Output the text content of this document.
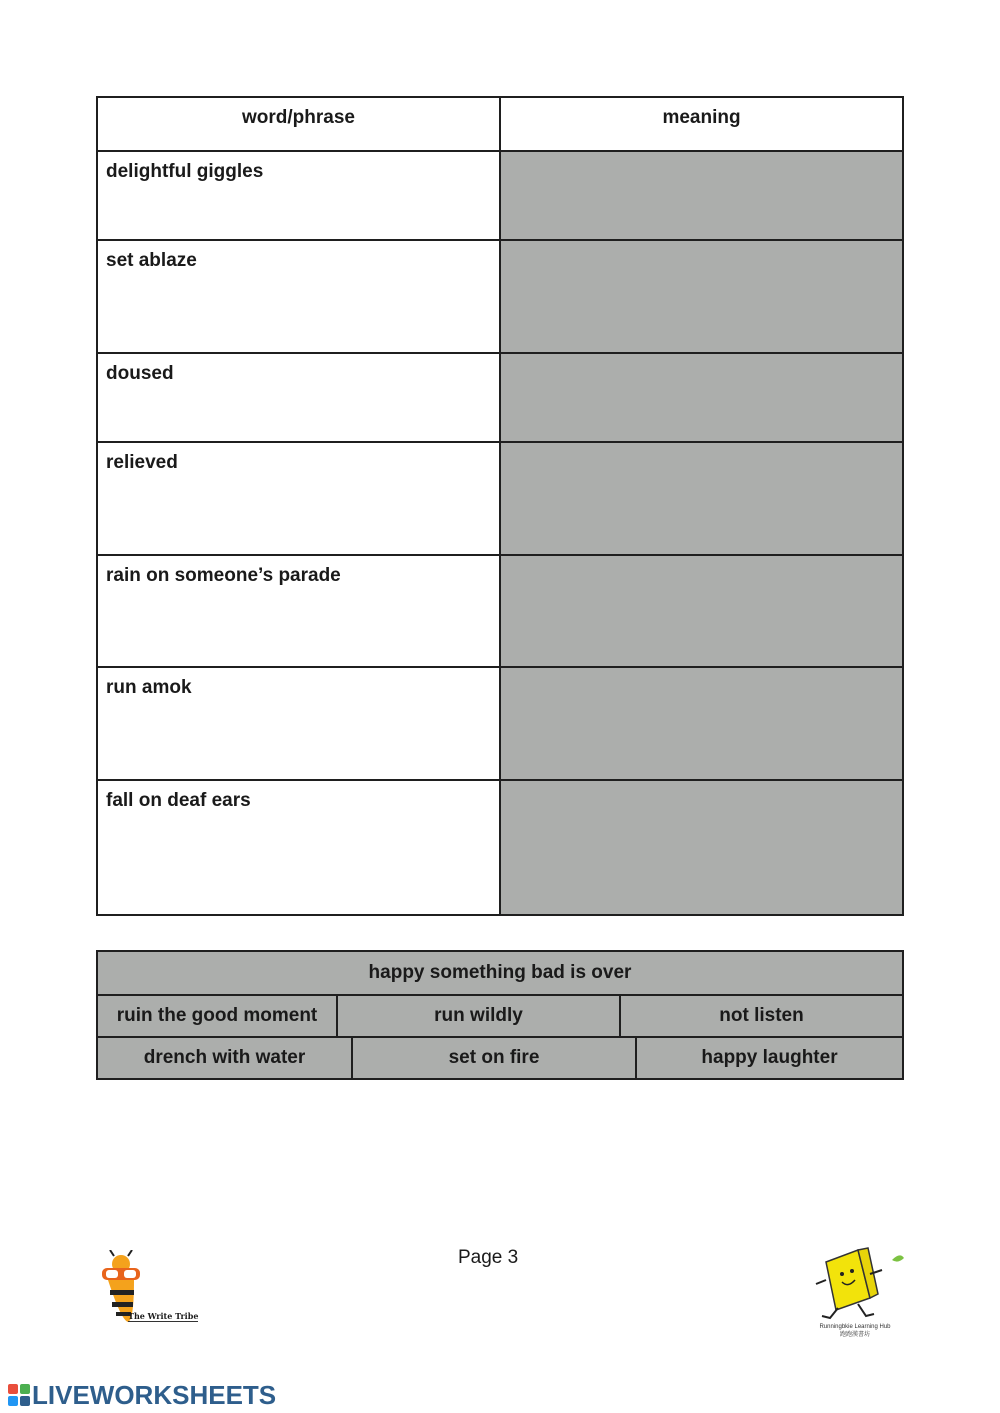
word/phrase	meaning
delightful giggles	
set ablaze	
doused	
relieved	
rain on someone’s parade	
run amok	
fall on deaf ears	
happy something bad is over
ruin the good moment	run wildly	not listen
drench with water	set on fire	happy laughter
Page 3
The Write Tribe
Runningbkie Learning Hub
跑跑漢書坊
LIVEWORKSHEETS
